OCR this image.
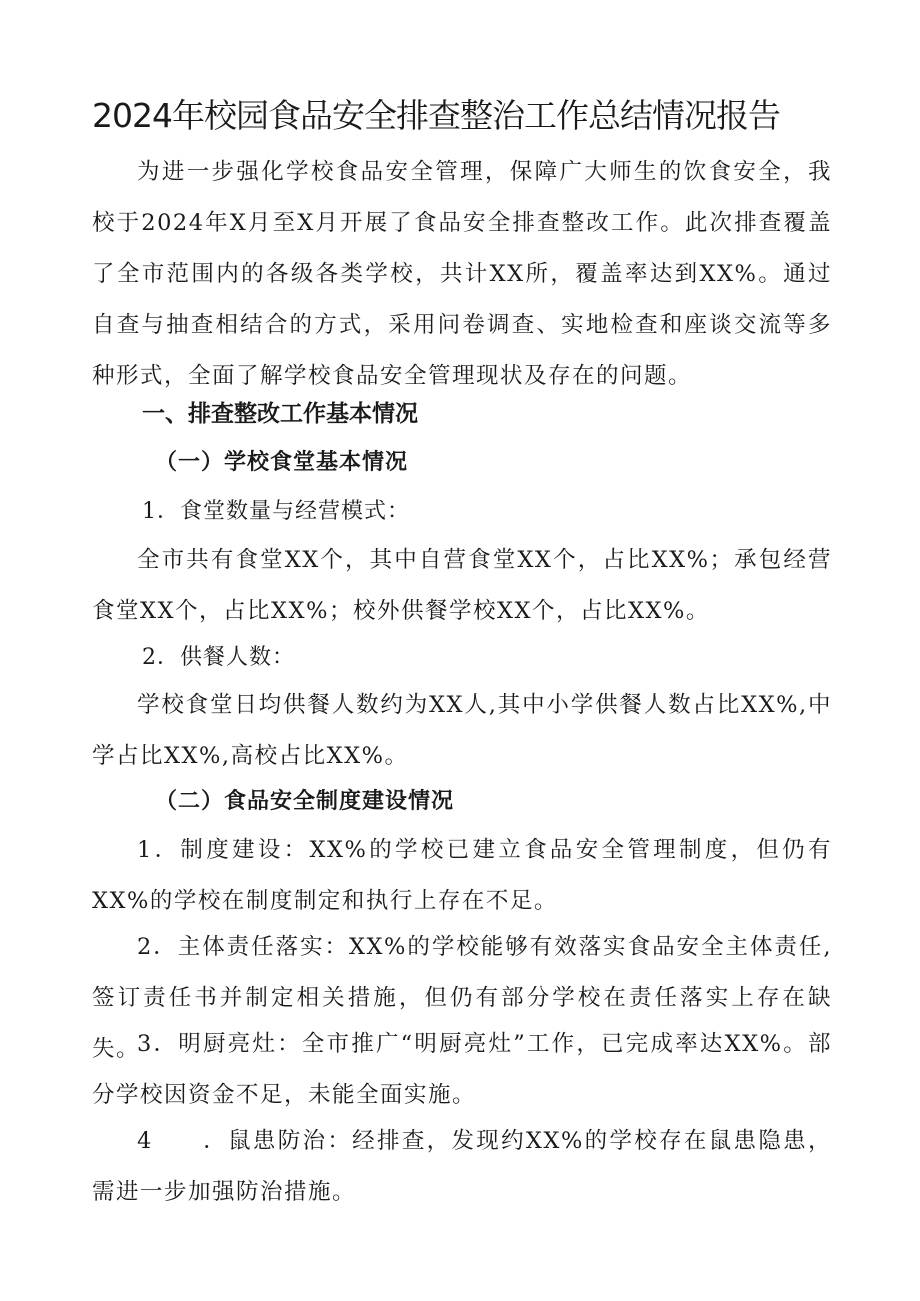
2024年校园食品安全排查整治工作总结情况报告

为进一步强化学校食品安全管理，保障广大师生的饮食安全，我校于2024年X月至X月开展了食品安全排查整改工作。此次排查覆盖了全市范围内的各级各类学校，共计XX所，覆盖率达到XX%。通过自查与抽查相结合的方式，采用问卷调查、实地检查和座谈交流等多种形式，全面了解学校食品安全管理现状及存在的问题。

一、排查整改工作基本情况
（一）学校食堂基本情况

1．食堂数量与经营模式：

全市共有食堂XX个，其中自营食堂XX个，占比XX%；承包经营食堂XX个，占比XX%；校外供餐学校XX个，占比XX%。

2．供餐人数：

学校食堂日均供餐人数约为XX人,其中小学供餐人数占比XX%,中学占比XX%,高校占比XX%。

（二）食品安全制度建设情况

1．制度建设：XX%的学校已建立食品安全管理制度，但仍有XX%的学校在制度制定和执行上存在不足。

2．主体责任落实：XX%的学校能够有效落实食品安全主体责任,签订责任书并制定相关措施，但仍有部分学校在责任落实上存在缺失。

3．明厨亮灶：全市推广“明厨亮灶”工作，已完成率达XX%。部分学校因资金不足，未能全面实施。

4　　．鼠患防治：经排查，发现约XX%的学校存在鼠患隐患，需进一步加强防治措施。
